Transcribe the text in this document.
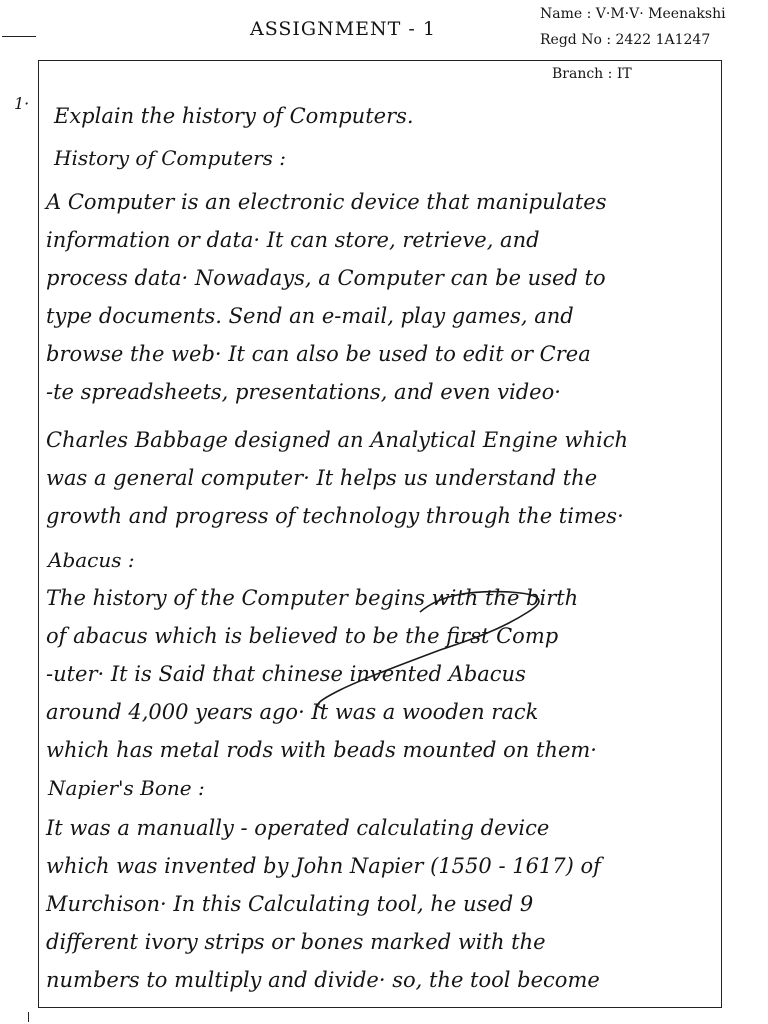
ASSIGNMENT - 1
Name : V·M·V· Meenakshi
Regd No : 2422 1A1247
Branch : IT
1·
Explain the history of Computers.
History of Computers :
A Computer is an electronic device that manipulates
information or data· It can store, retrieve, and
process data· Nowadays, a Computer can be used to
type documents. Send an e-mail, play games, and
browse the web· It can also be used to edit or Crea
-te spreadsheets, presentations, and even video·
Charles Babbage designed an Analytical Engine which
was a general computer· It helps us understand the
growth and progress of technology through the times·
Abacus :
The history of the Computer begins with the birth
of abacus which is believed to be the first Comp
-uter· It is Said that chinese invented Abacus
around 4,000 years ago· It was a wooden rack
which has metal rods with beads mounted on them·
Napier's Bone :
It was a manually - operated calculating device
which was invented by John Napier (1550 - 1617) of
Murchison· In this Calculating tool, he used 9
different ivory strips or bones marked with the
numbers to multiply and divide· so, the tool become
